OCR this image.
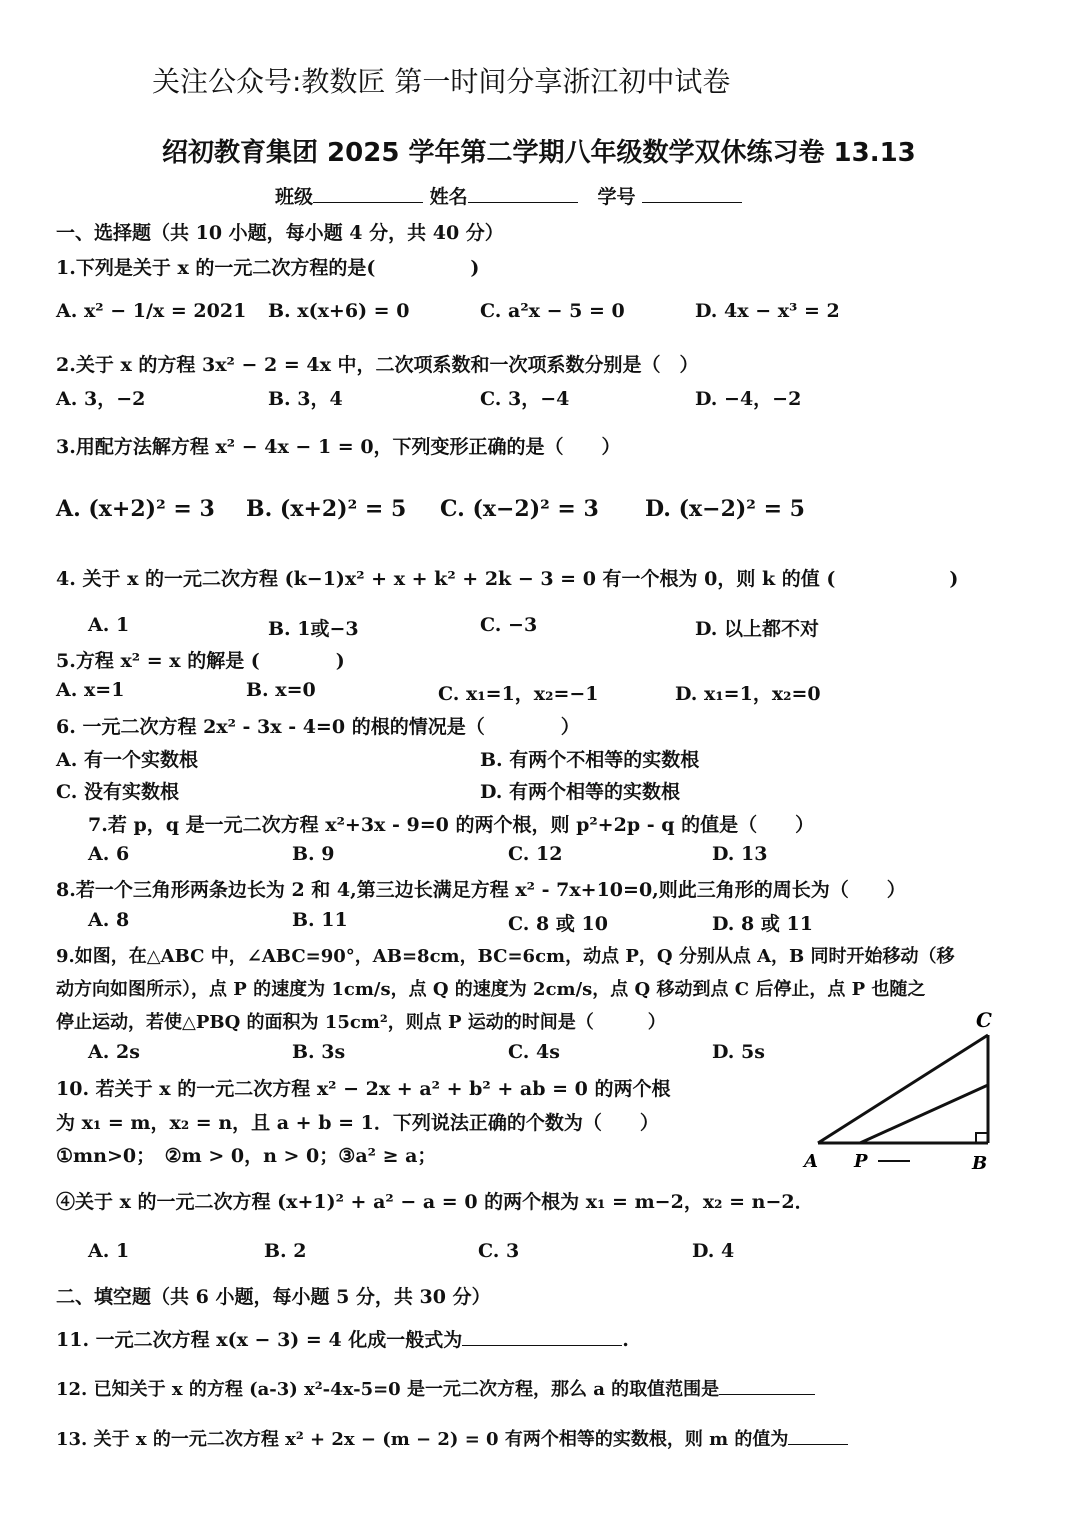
关注公众号:教数匠 第一时间分享浙江初中试卷
绍初教育集团 2025 学年第二学期八年级数学双休练习卷 13.13
班级	姓名	学号
一、选择题（共 10 小题，每小题 4 分，共 40 分）
1.下列是关于 x 的一元二次方程的是(　　　　　)
A. x² − 1/x = 2021 B. x(x+6) = 0	C. a²x − 5 = 0	D. 4x − x³ = 2
2.关于 x 的方程 3x² − 2 = 4x 中，二次项系数和一次项系数分别是（　）
A. 3，−2	B. 3，4	C. 3，−4	D. −4，−2
3.用配方法解方程 x² − 4x − 1 = 0，下列变形正确的是（　　）
A. (x+2)² = 3 B. (x+2)² = 5 C. (x−2)² = 3 D. (x−2)² = 5
4. 关于 x 的一元二次方程 (k−1)x² + x + k² + 2k − 3 = 0 有一个根为 0，则 k 的值 (　　　　　　)
A. 1	B. 1或−3	C. −3	D. 以上都不对
5.方程 x² = x 的解是 (　　　　)
A. x=1	B. x=0	C. x₁=1，x₂=−1	D. x₁=1，x₂=0
6. 一元二次方程 2x² - 3x - 4=0 的根的情况是（　　　　）
A. 有一个实数根	B. 有两个不相等的实数根
C. 没有实数根	D. 有两个相等的实数根
7.若 p，q 是一元二次方程 x²+3x - 9=0 的两个根，则 p²+2p - q 的值是（　　）
A. 6	B. 9	C. 12	D. 13
8.若一个三角形两条边长为 2 和 4,第三边长满足方程 x² - 7x+10=0,则此三角形的周长为（　　）
A. 8	B. 11	C. 8 或 10	D. 8 或 11
9.如图，在△ABC 中，∠ABC=90°，AB=8cm，BC=6cm，动点 P，Q 分别从点 A，B 同时开始移动（移
动方向如图所示），点 P 的速度为 1cm/s，点 Q 的速度为 2cm/s，点 Q 移动到点 C 后停止，点 P 也随之
停止运动，若使△PBQ 的面积为 15cm²，则点 P 运动的时间是（　　　）
A. 2s	B. 3s	C. 4s	D. 5s
10. 若关于 x 的一元二次方程 x² − 2x + a² + b² + ab = 0 的两个根
为 x₁ = m，x₂ = n，且 a + b = 1．下列说法正确的个数为（　　）
①mn>0；　②m > 0，n > 0；③a² ≥ a；
④关于 x 的一元二次方程 (x+1)² + a² − a = 0 的两个根为 x₁ = m−2，x₂ = n−2．
A. 1	B. 2	C. 3	D. 4
C
A P	B
二、填空题（共 6 小题，每小题 5 分，共 30 分）
11. 一元二次方程 x(x − 3) = 4 化成一般式为	.
12. 已知关于 x 的方程 (a-3) x²-4x-5=0 是一元二次方程，那么 a 的取值范围是
13. 关于 x 的一元二次方程 x² + 2x − (m − 2) = 0 有两个相等的实数根，则 m 的值为
